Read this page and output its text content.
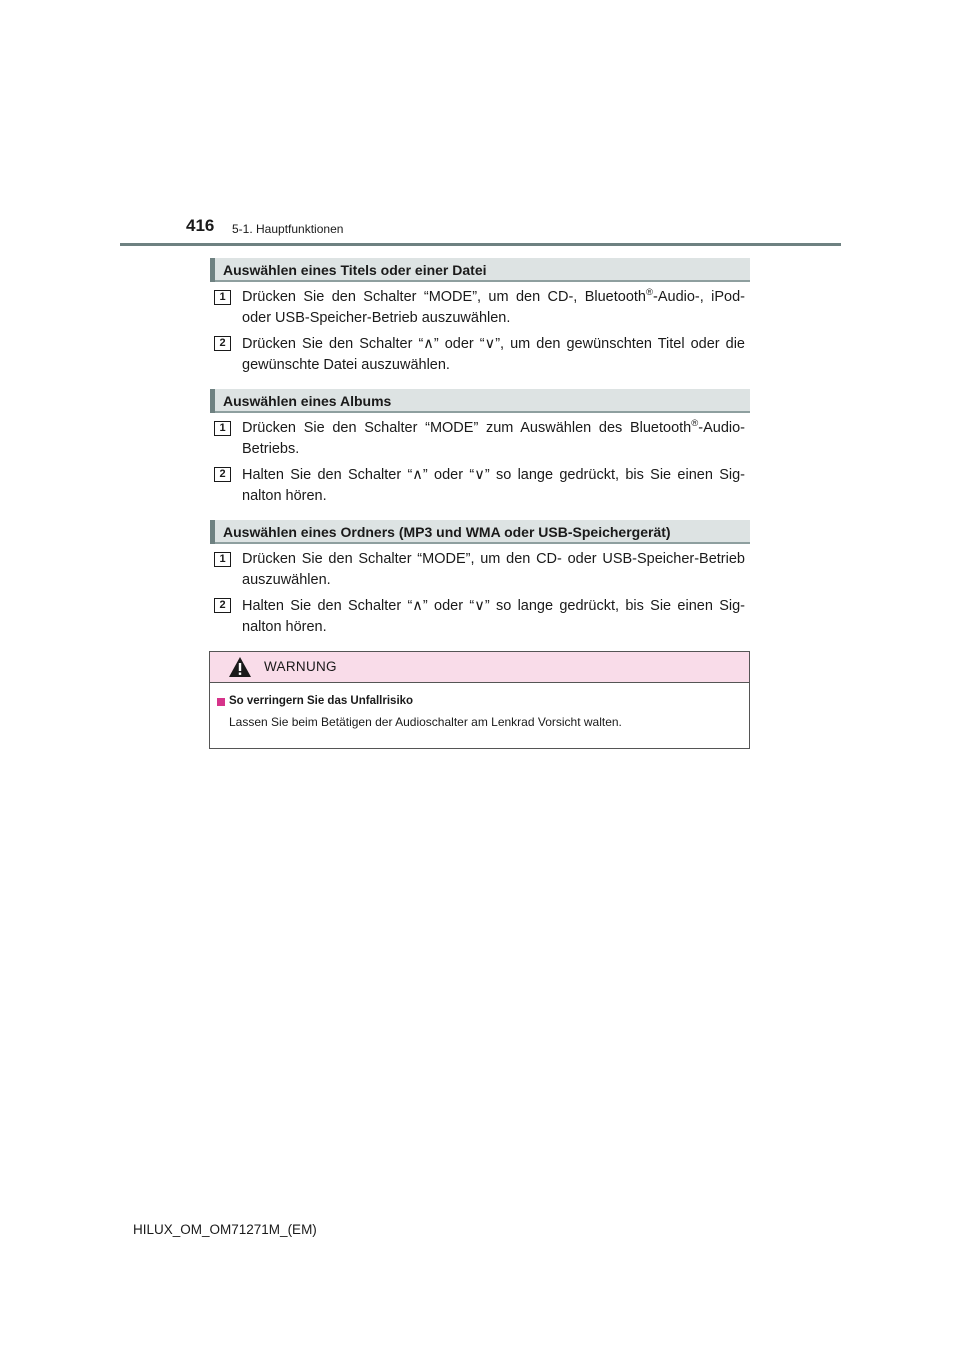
416 5-1. Hauptfunktionen
Auswählen eines Titels oder einer Datei
1	Drücken Sie den Schalter “MODE”, um den CD-, Bluetooth®-Audio-, iPod- oder USB-Speicher-Betrieb auszuwählen.
2	Drücken Sie den Schalter “∧” oder “∨”, um den gewünschten Titel oder die gewünschte Datei auszuwählen.
Auswählen eines Albums
1	Drücken Sie den Schalter “MODE” zum Auswählen des Bluetooth®-Audio-Betriebs.
2	Halten Sie den Schalter “∧” oder “∨” so lange gedrückt, bis Sie einen Sig-nalton hören.
Auswählen eines Ordners (MP3 und WMA oder USB-Speichergerät)
1	Drücken Sie den Schalter “MODE”, um den CD- oder USB-Speicher-Betrieb auszuwählen.
2	Halten Sie den Schalter “∧” oder “∨” so lange gedrückt, bis Sie einen Sig-nalton hören.
WARNUNG
So verringern Sie das Unfallrisiko
Lassen Sie beim Betätigen der Audioschalter am Lenkrad Vorsicht walten.
HILUX_OM_OM71271M_(EM)
